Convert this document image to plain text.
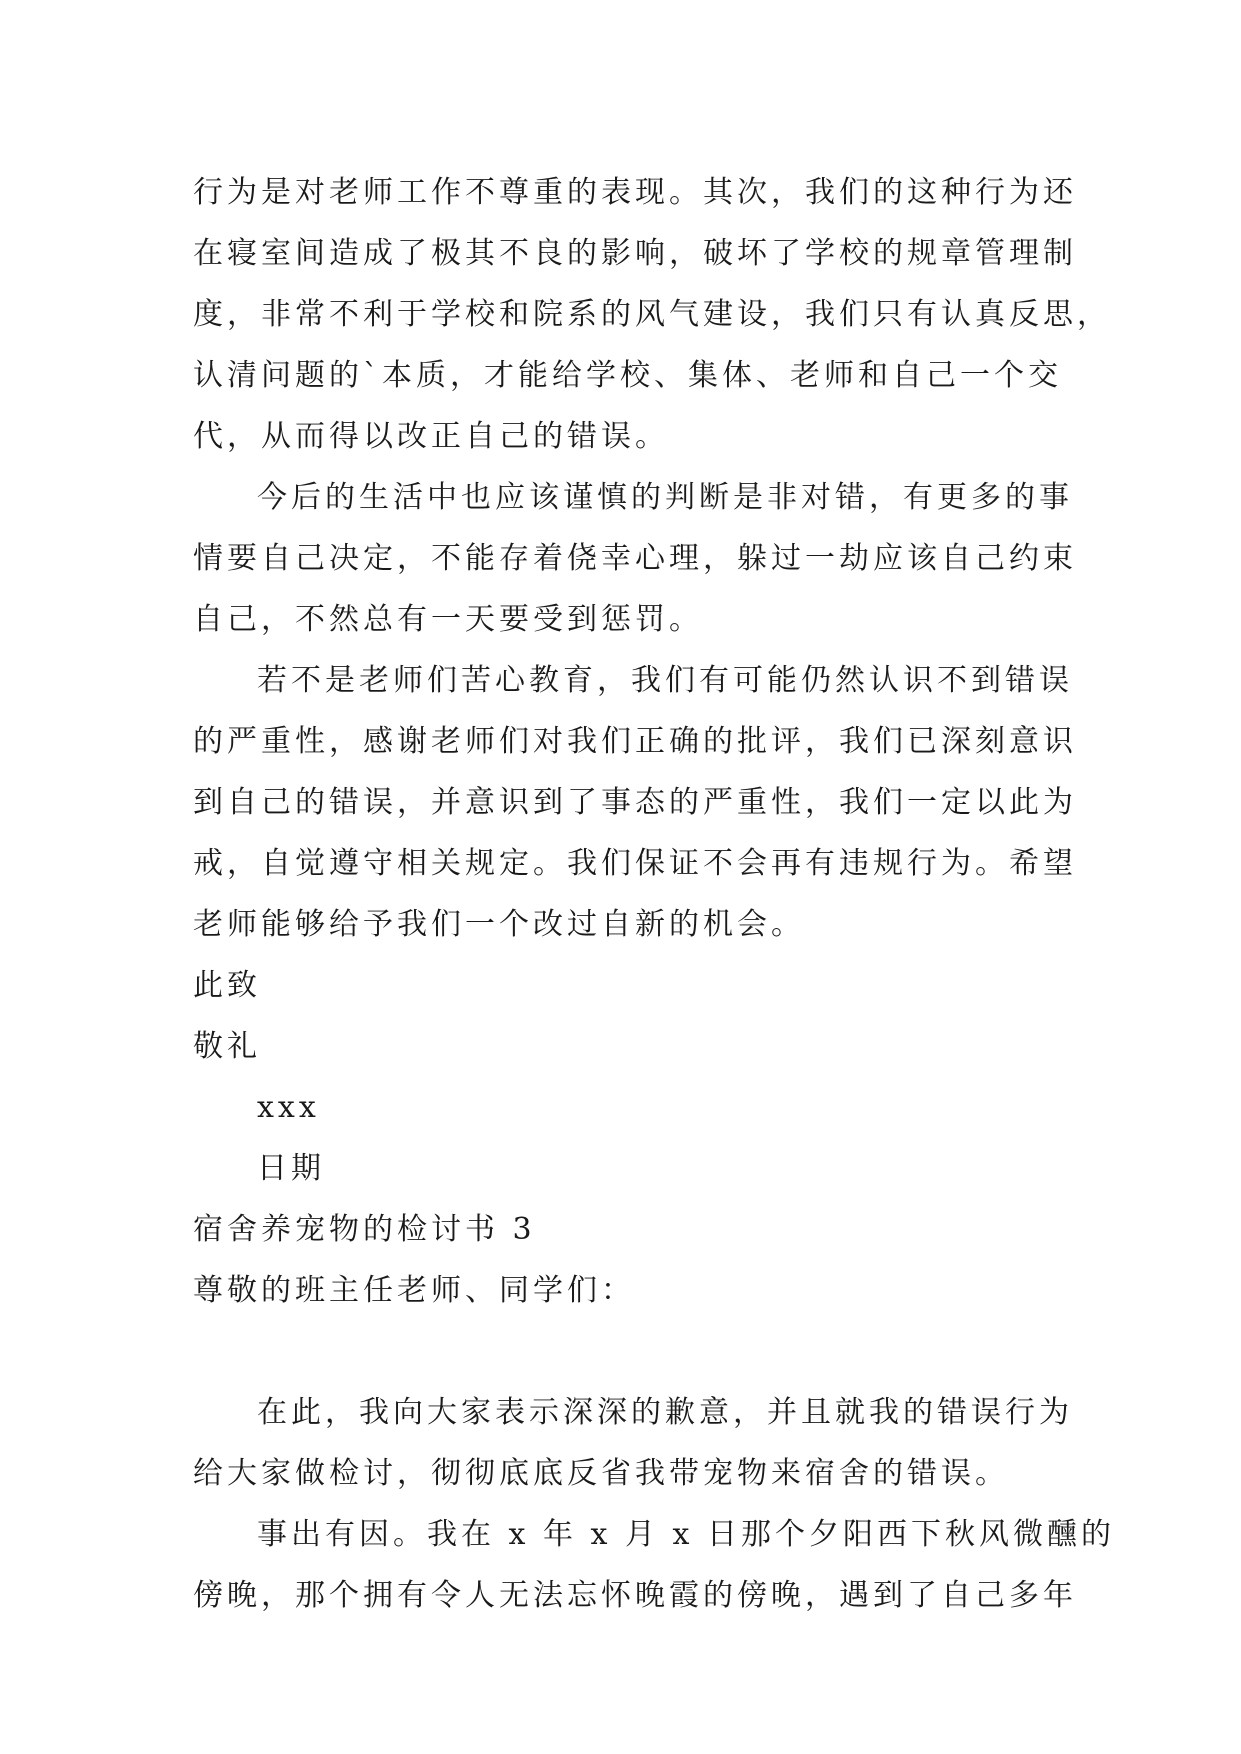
行为是对老师工作不尊重的表现。其次，我们的这种行为还
在寝室间造成了极其不良的影响，破坏了学校的规章管理制
度，非常不利于学校和院系的风气建设，我们只有认真反思，
认清问题的`本质，才能给学校、集体、老师和自己一个交
代，从而得以改正自己的错误。
今后的生活中也应该谨慎的判断是非对错，有更多的事
情要自己决定，不能存着侥幸心理，躲过一劫应该自己约束
自己，不然总有一天要受到惩罚。
若不是老师们苦心教育，我们有可能仍然认识不到错误
的严重性，感谢老师们对我们正确的批评，我们已深刻意识
到自己的错误，并意识到了事态的严重性，我们一定以此为
戒，自觉遵守相关规定。我们保证不会再有违规行为。希望
老师能够给予我们一个改过自新的机会。
此致
敬礼
xxx
日期
宿舍养宠物的检讨书 3
尊敬的班主任老师、同学们：
在此，我向大家表示深深的歉意，并且就我的错误行为
给大家做检讨，彻彻底底反省我带宠物来宿舍的错误。
事出有因。我在 x 年 x 月 x 日那个夕阳西下秋风微醺的
傍晚，那个拥有令人无法忘怀晚霞的傍晚，遇到了自己多年
